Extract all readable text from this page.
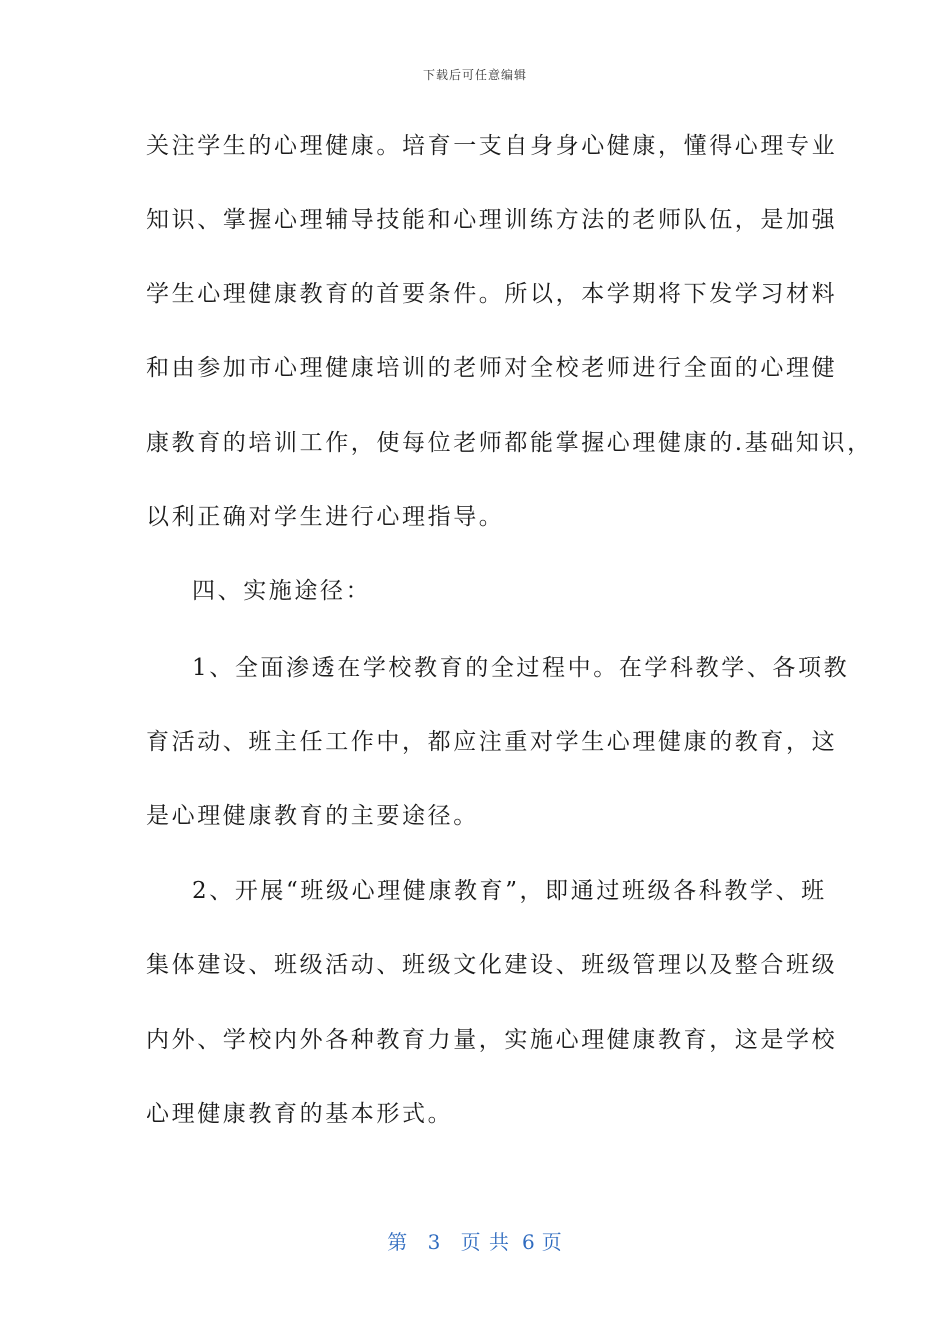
下载后可任意编辑
关注学生的心理健康。培育一支自身身心健康，懂得心理专业
知识、掌握心理辅导技能和心理训练方法的老师队伍，是加强
学生心理健康教育的首要条件。所以，本学期将下发学习材料
和由参加市心理健康培训的老师对全校老师进行全面的心理健
康教育的培训工作，使每位老师都能掌握心理健康的.基础知识，
以利正确对学生进行心理指导。
四、实施途径：
1、全面渗透在学校教育的全过程中。在学科教学、各项教
育活动、班主任工作中，都应注重对学生心理健康的教育，这
是心理健康教育的主要途径。
2、开展“班级心理健康教育”，即通过班级各科教学、班
集体建设、班级活动、班级文化建设、班级管理以及整合班级
内外、学校内外各种教育力量，实施心理健康教育，这是学校
心理健康教育的基本形式。
第 3 页 共 6 页
